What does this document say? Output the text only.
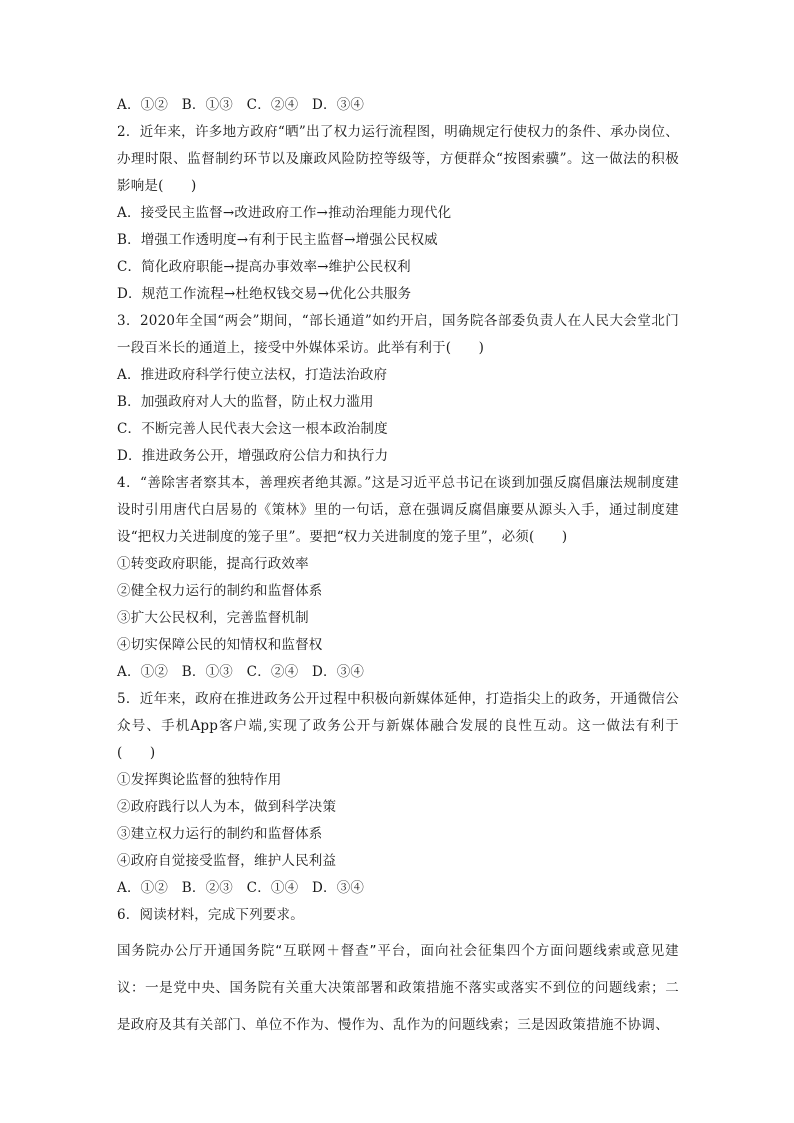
A．①②　B．①③　C．②④　D．③④
2．近年来，许多地方政府“晒”出了权力运行流程图，明确规定行使权力的条件、承办岗位、办理时限、监督制约环节以及廉政风险防控等级等，方便群众“按图索骥”。这一做法的积极影响是(　　)
A．接受民主监督→改进政府工作→推动治理能力现代化
B．增强工作透明度→有利于民主监督→增强公民权威
C．简化政府职能→提高办事效率→维护公民权利
D．规范工作流程→杜绝权钱交易→优化公共服务
3．2020年全国“两会”期间，“部长通道”如约开启，国务院各部委负责人在人民大会堂北门一段百米长的通道上，接受中外媒体采访。此举有利于(　　)
A．推进政府科学行使立法权，打造法治政府
B．加强政府对人大的监督，防止权力滥用
C．不断完善人民代表大会这一根本政治制度
D．推进政务公开，增强政府公信力和执行力
4．“善除害者察其本，善理疾者绝其源。”这是习近平总书记在谈到加强反腐倡廉法规制度建设时引用唐代白居易的《策林》里的一句话，意在强调反腐倡廉要从源头入手，通过制度建设“把权力关进制度的笼子里”。要把“权力关进制度的笼子里”，必须(　　)
①转变政府职能，提高行政效率
②健全权力运行的制约和监督体系
③扩大公民权利，完善监督机制
④切实保障公民的知情权和监督权
A．①②　B．①③　C．②④　D．③④
5．近年来，政府在推进政务公开过程中积极向新媒体延伸，打造指尖上的政务，开通微信公众号、手机App客户端,实现了政务公开与新媒体融合发展的良性互动。这一做法有利于(　　)
①发挥舆论监督的独特作用
②政府践行以人为本，做到科学决策
③建立权力运行的制约和监督体系
④政府自觉接受监督，维护人民利益
A．①②　B．②③　C．①④　D．③④
6．阅读材料，完成下列要求。
国务院办公厅开通国务院“互联网＋督查”平台，面向社会征集四个方面问题线索或意见建议：一是党中央、国务院有关重大决策部署和政策措施不落实或落实不到位的问题线索；二是政府及其有关部门、单位不作为、慢作为、乱作为的问题线索；三是因政策措施不协调、
